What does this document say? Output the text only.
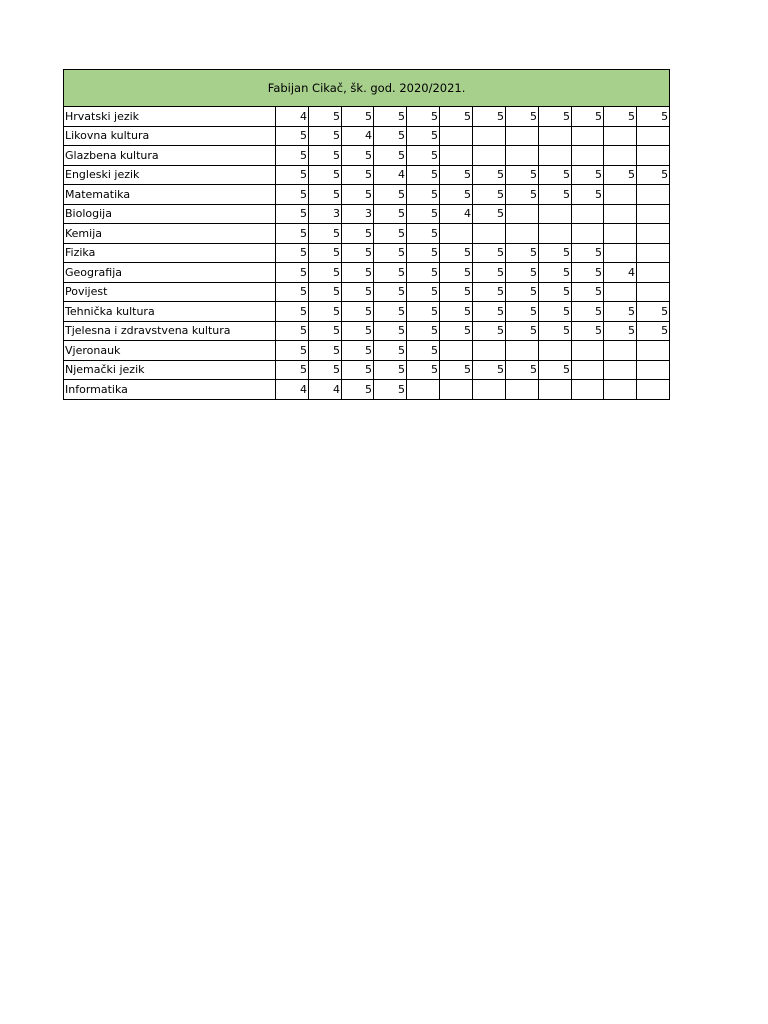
Fabijan Cikač, šk. god. 2020/2021.												
Hrvatski jezik	4	5	5	5	5	5	5	5	5	5	5	5
Likovna kultura	5	5	4	5	5							
Glazbena kultura	5	5	5	5	5							
Engleski jezik	5	5	5	4	5	5	5	5	5	5	5	5
Matematika	5	5	5	5	5	5	5	5	5	5		
Biologija	5	3	3	5	5	4	5					
Kemija	5	5	5	5	5							
Fizika	5	5	5	5	5	5	5	5	5	5		
Geografija	5	5	5	5	5	5	5	5	5	5	4	
Povijest	5	5	5	5	5	5	5	5	5	5		
Tehnička kultura	5	5	5	5	5	5	5	5	5	5	5	5
Tjelesna i zdravstvena kultura	5	5	5	5	5	5	5	5	5	5	5	5
Vjeronauk	5	5	5	5	5							
Njemački jezik	5	5	5	5	5	5	5	5	5			
Informatika	4	4	5	5								
